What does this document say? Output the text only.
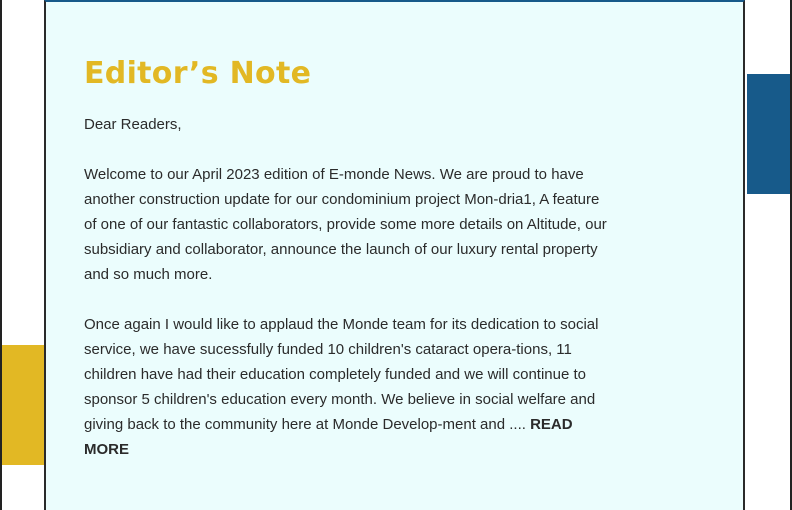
Editor’s Note

Dear Readers,

Welcome to our April 2023 edition of E-monde News. We are proud to have another construction update for our condominium project Mon-dria1, A feature of one of our fantastic collaborators, provide some more details on Altitude, our subsidiary and collaborator, announce the launch of our luxury rental property and so much more.

Once again I would like to applaud the Monde team for its dedication to social service, we have sucessfully funded 10 children's cataract opera-tions, 11 children have had their education completely funded and we will continue to sponsor 5 children's education every month. We believe in social welfare and giving back to the community here at Monde Develop-ment and .... READ MORE
